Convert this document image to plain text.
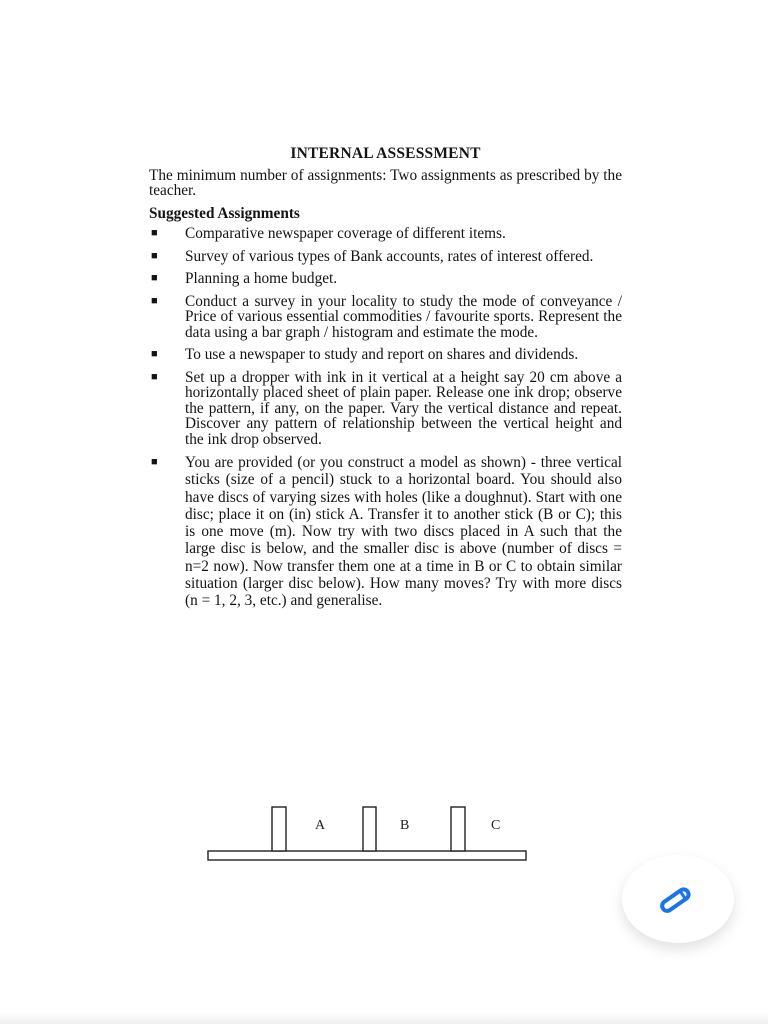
INTERNAL ASSESSMENT
The minimum number of assignments: Two assignments as prescribed by the teacher.
Suggested Assignments
■ Comparative newspaper coverage of different items.
■ Survey of various types of Bank accounts, rates of interest offered.
■ Planning a home budget.
■ Conduct a survey in your locality to study the mode of conveyance / Price of various essential commodities / favourite sports. Represent the data using a bar graph / histogram and estimate the mode.
■ To use a newspaper to study and report on shares and dividends.
■ Set up a dropper with ink in it vertical at a height say 20 cm above a horizontally placed sheet of plain paper. Release one ink drop; observe the pattern, if any, on the paper. Vary the vertical distance and repeat. Discover any pattern of relationship between the vertical height and the ink drop observed.
■ You are provided (or you construct a model as shown) - three vertical sticks (size of a pencil) stuck to a horizontal board. You should also have discs of varying sizes with holes (like a doughnut). Start with one disc; place it on (in) stick A. Transfer it to another stick (B or C); this is one move (m). Now try with two discs placed in A such that the large disc is below, and the smaller disc is above (number of discs = n=2 now). Now transfer them one at a time in B or C to obtain similar situation (larger disc below). How many moves? Try with more discs (n = 1, 2, 3, etc.) and generalise.
A	B	C
